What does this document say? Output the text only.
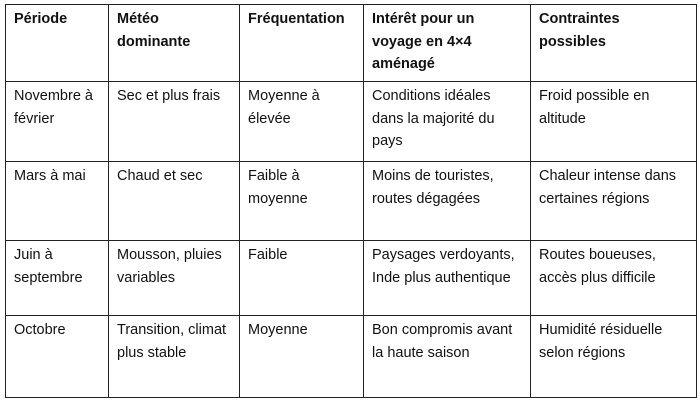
Période	Météo dominante	Fréquentation	Intérêt pour un voyage en 4×4 aménagé	Contraintes possibles
Novembre à février	Sec et plus frais	Moyenne à élevée	Conditions idéales dans la majorité du pays	Froid possible en altitude
Mars à mai	Chaud et sec	Faible à moyenne	Moins de touristes, routes dégagées	Chaleur intense dans certaines régions
Juin à septembre	Mousson, pluies variables	Faible	Paysages verdoyants, Inde plus authentique	Routes boueuses, accès plus difficile
Octobre	Transition, climat plus stable	Moyenne	Bon compromis avant la haute saison	Humidité résiduelle selon régions
